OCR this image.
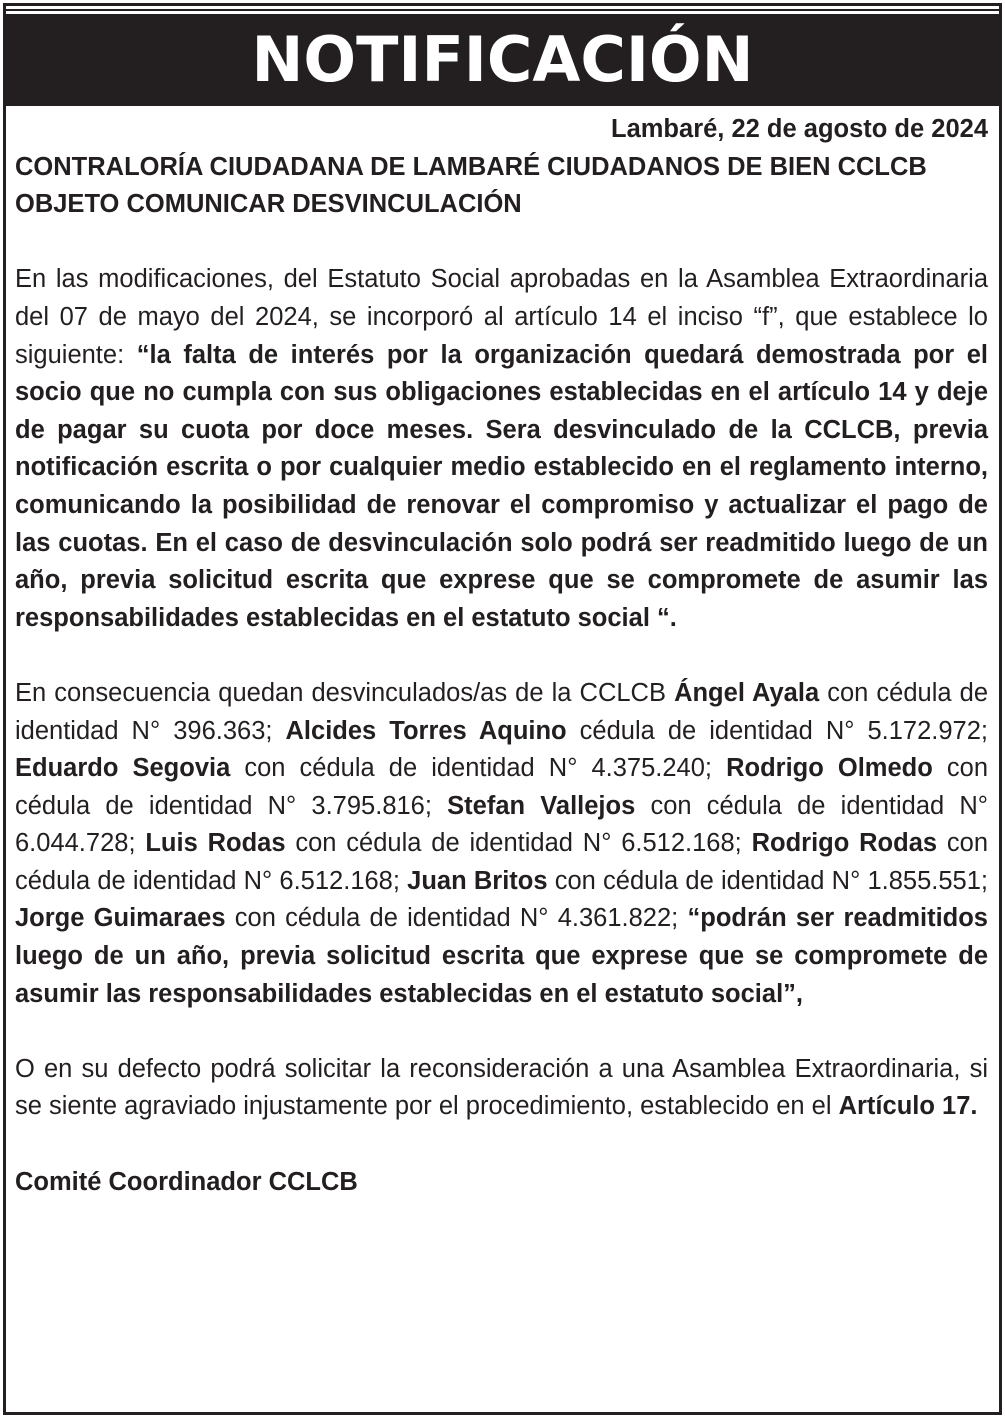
NOTIFICACIÓN

Lambaré, 22 de agosto de 2024

CONTRALORÍA CIUDADANA DE LAMBARÉ CIUDADANOS DE BIEN CCLCB

OBJETO COMUNICAR DESVINCULACIÓN

En las modificaciones, del Estatuto Social aprobadas en la Asamblea Extraordinaria del 07 de mayo del 2024, se incorporó al artículo 14 el inciso “f”, que establece lo siguiente: “la falta de interés por la organización quedará demostrada por el socio que no cumpla con sus obligaciones establecidas en el artículo 14 y deje de pagar su cuota por doce meses. Sera desvinculado de la CCLCB, previa notificación escrita o por cualquier medio establecido en el reglamento interno, comunicando la posibilidad de renovar el compromiso y actualizar el pago de las cuotas. En el caso de desvinculación solo podrá ser readmitido luego de un año, previa solicitud escrita que exprese que se compromete de asumir las responsabilidades establecidas en el estatuto social “.

En consecuencia quedan desvinculados/as de la CCLCB Ángel Ayala con cédula de identidad N° 396.363; Alcides Torres Aquino cédula de identidad N° 5.172.972; Eduardo Segovia con cédula de identidad N° 4.375.240; Rodrigo Olmedo con cédula de identidad N° 3.795.816; Stefan Vallejos con cédula de identidad N° 6.044.728; Luis Rodas con cédula de identidad N° 6.512.168; Rodrigo Rodas con cédula de identidad N° 6.512.168; Juan Britos con cédula de identidad N° 1.855.551; Jorge Guimaraes con cédula de identidad N° 4.361.822; “podrán ser readmitidos luego de un año, previa solicitud escrita que exprese que se compromete de asumir las responsabilidades establecidas en el estatuto social”,

O en su defecto podrá solicitar la reconsideración a una Asamblea Extraordinaria, si se siente agraviado injustamente por el procedimiento, establecido en el Artículo 17.

Comité Coordinador CCLCB
